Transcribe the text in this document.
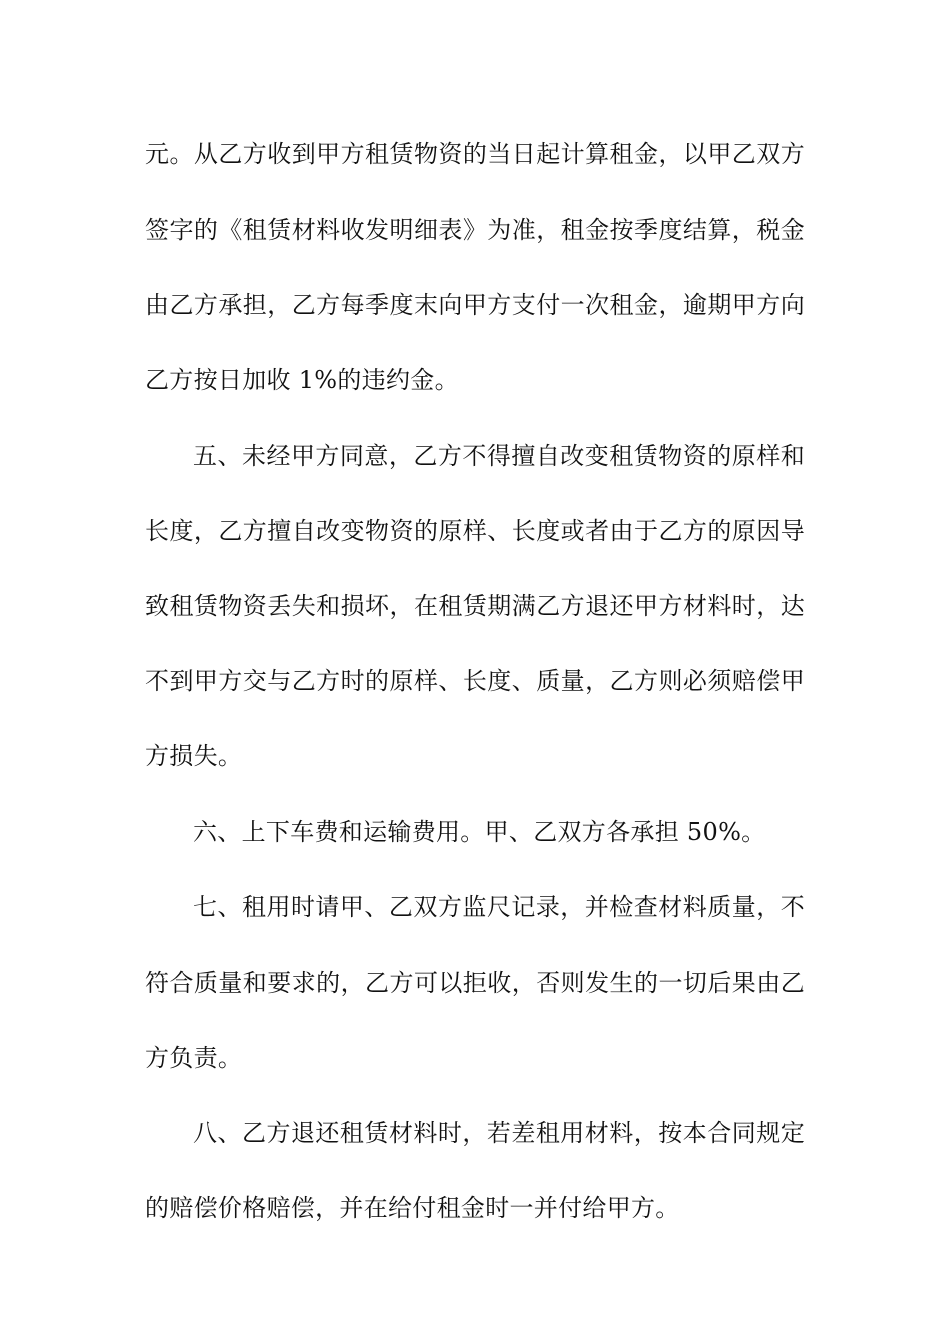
元。从乙方收到甲方租赁物资的当日起计算租金，以甲乙双方
签字的《租赁材料收发明细表》为准，租金按季度结算，税金
由乙方承担，乙方每季度末向甲方支付一次租金，逾期甲方向
乙方按日加收 1%的违约金。
五、未经甲方同意，乙方不得擅自改变租赁物资的原样和
长度，乙方擅自改变物资的原样、长度或者由于乙方的原因导
致租赁物资丢失和损坏，在租赁期满乙方退还甲方材料时，达
不到甲方交与乙方时的原样、长度、质量，乙方则必须赔偿甲
方损失。
六、上下车费和运输费用。甲、乙双方各承担 50%。
七、租用时请甲、乙双方监尺记录，并检查材料质量，不
符合质量和要求的，乙方可以拒收，否则发生的一切后果由乙
方负责。
八、乙方退还租赁材料时，若差租用材料，按本合同规定
的赔偿价格赔偿，并在给付租金时一并付给甲方。
